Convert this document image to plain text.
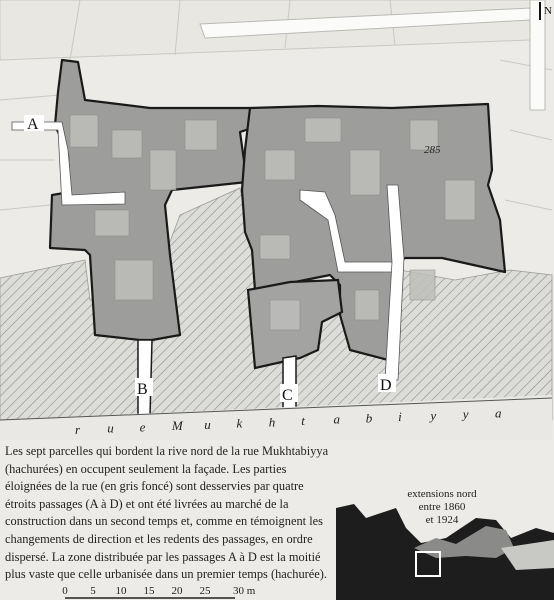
r u e M u k h t a b i y y a
N
285
A
B	C
D

Les sept parcelles qui bordent la rive nord de la rue Mukhtabiyya (hachurées) en occupent seulement la façade. Les parties éloignées de la rue (en gris foncé) sont desservies par quatre étroits passages (A à D) et ont été livrées au marché de la construction dans un second temps et, comme en témoignent les changements de direction et les redents des passages, en ordre dispersé. La zone distribuée par les passages A à D est la moitié plus vaste que celle urbanisée dans un premier temps (hachurée).

extensions nord
entre 1860
et 1924
0 5 10 15 20 25 30 m
